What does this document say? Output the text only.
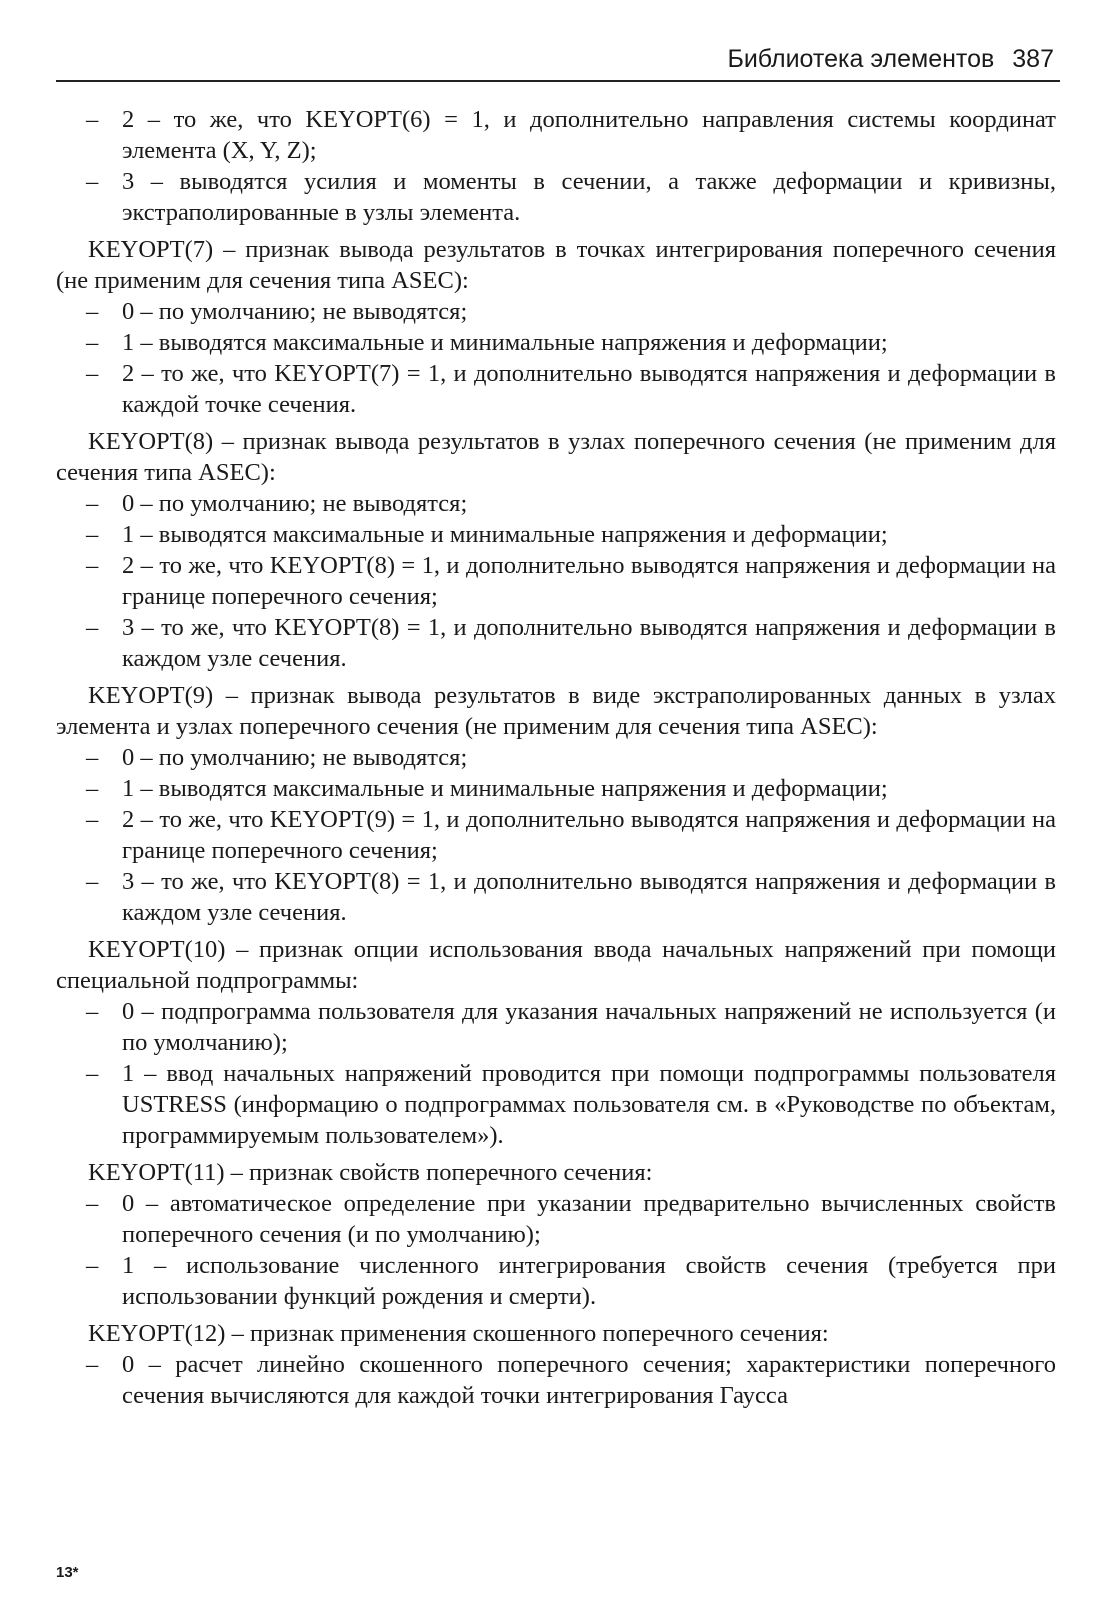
Библиотека элементов 387
– 2 – то же, что KEYOPT(6) = 1, и дополнительно направления системы координат элемента (X, Y, Z);
– 3 – выводятся усилия и моменты в сечении, а также деформации и кривизны, экстраполированные в узлы элемента.

KEYOPT(7) – признак вывода результатов в точках интегрирования поперечного сечения (не применим для сечения типа ASEC):

– 0 – по умолчанию; не выводятся;
– 1 – выводятся максимальные и минимальные напряжения и деформации;
– 2 – то же, что KEYOPT(7) = 1, и дополнительно выводятся напряжения и деформации в каждой точке сечения.

KEYOPT(8) – признак вывода результатов в узлах поперечного сечения (не применим для сечения типа ASEC):

– 0 – по умолчанию; не выводятся;
– 1 – выводятся максимальные и минимальные напряжения и деформации;
– 2 – то же, что KEYOPT(8) = 1, и дополнительно выводятся напряжения и деформации на границе поперечного сечения;
– 3 – то же, что KEYOPT(8) = 1, и дополнительно выводятся напряжения и деформации в каждом узле сечения.

KEYOPT(9) – признак вывода результатов в виде экстраполированных данных в узлах элемента и узлах поперечного сечения (не применим для сечения типа ASEC):

– 0 – по умолчанию; не выводятся;
– 1 – выводятся максимальные и минимальные напряжения и деформации;
– 2 – то же, что KEYOPT(9) = 1, и дополнительно выводятся напряжения и деформации на границе поперечного сечения;
– 3 – то же, что KEYOPT(8) = 1, и дополнительно выводятся напряжения и деформации в каждом узле сечения.

KEYOPT(10) – признак опции использования ввода начальных напряжений при помощи специальной подпрограммы:

– 0 – подпрограмма пользователя для указания начальных напряжений не используется (и по умолчанию);
– 1 – ввод начальных напряжений проводится при помощи подпрограммы пользователя USTRESS (информацию о подпрограммах пользователя см. в «Руководстве по объектам, программируемым пользователем»).

KEYOPT(11) – признак свойств поперечного сечения:

– 0 – автоматическое определение при указании предварительно вычисленных свойств поперечного сечения (и по умолчанию);
– 1 – использование численного интегрирования свойств сечения (требуется при использовании функций рождения и смерти).

KEYOPT(12) – признак применения скошенного поперечного сечения:

– 0 – расчет линейно скошенного поперечного сечения; характеристики поперечного сечения вычисляются для каждой точки интегрирования Гаусса
13*
